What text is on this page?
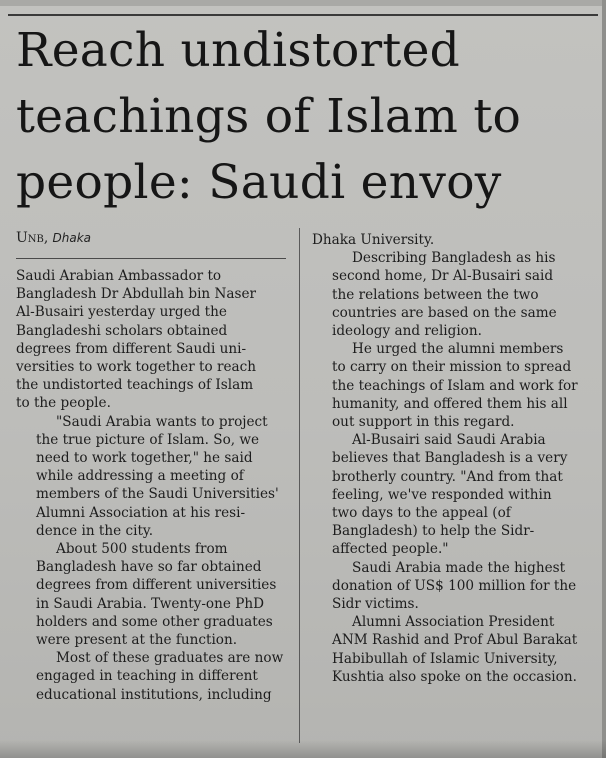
Reach undistorted
teachings of Islam to
people: Saudi envoy
Unb, Dhaka

Saudi Arabian Ambassador to
Bangladesh Dr Abdullah bin Naser
Al-Busairi yesterday urged the
Bangladeshi scholars obtained
degrees from different Saudi uni-
versities to work together to reach
the undistorted teachings of Islam
to the people.

"Saudi Arabia wants to project
the true picture of Islam. So, we
need to work together," he said
while addressing a meeting of
members of the Saudi Universities'
Alumni Association at his resi-
dence in the city.

About 500 students from
Bangladesh have so far obtained
degrees from different universities
in Saudi Arabia. Twenty-one PhD
holders and some other graduates
were present at the function.

Most of these graduates are now
engaged in teaching in different
educational institutions, including

Dhaka University.

Describing Bangladesh as his
second home, Dr Al-Busairi said
the relations between the two
countries are based on the same
ideology and religion.

He urged the alumni members
to carry on their mission to spread
the teachings of Islam and work for
humanity, and offered them his all
out support in this regard.

Al-Busairi said Saudi Arabia
believes that Bangladesh is a very
brotherly country. "And from that
feeling, we've responded within
two days to the appeal (of
Bangladesh) to help the Sidr-
affected people."

Saudi Arabia made the highest
donation of US$ 100 million for the
Sidr victims.

Alumni Association President
ANM Rashid and Prof Abul Barakat
Habibullah of Islamic University,
Kushtia also spoke on the occasion.
